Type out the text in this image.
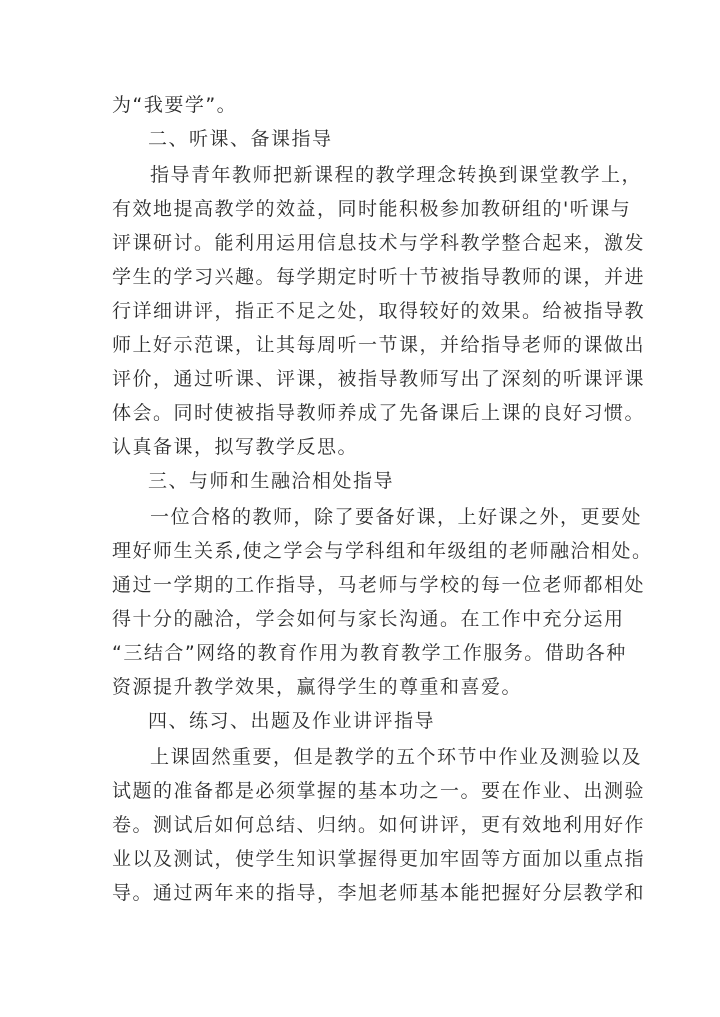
为“我要学”。
二、听课、备课指导
指导青年教师把新课程的教学理念转换到课堂教学上，
有效地提高教学的效益，同时能积极参加教研组的'听课与
评课研讨。能利用运用信息技术与学科教学整合起来，激发
学生的学习兴趣。每学期定时听十节被指导教师的课，并进
行详细讲评，指正不足之处，取得较好的效果。给被指导教
师上好示范课，让其每周听一节课，并给指导老师的课做出
评价，通过听课、评课，被指导教师写出了深刻的听课评课
体会。同时使被指导教师养成了先备课后上课的良好习惯。
认真备课，拟写教学反思。
三、与师和生融洽相处指导
一位合格的教师，除了要备好课，上好课之外，更要处
理好师生关系,使之学会与学科组和年级组的老师融洽相处。
通过一学期的工作指导，马老师与学校的每一位老师都相处
得十分的融洽，学会如何与家长沟通。在工作中充分运用
“三结合”网络的教育作用为教育教学工作服务。借助各种
资源提升教学效果，赢得学生的尊重和喜爱。
四、练习、出题及作业讲评指导
上课固然重要，但是教学的五个环节中作业及测验以及
试题的准备都是必须掌握的基本功之一。要在作业、出测验
卷。测试后如何总结、归纳。如何讲评，更有效地利用好作
业以及测试，使学生知识掌握得更加牢固等方面加以重点指
导。通过两年来的指导，李旭老师基本能把握好分层教学和
